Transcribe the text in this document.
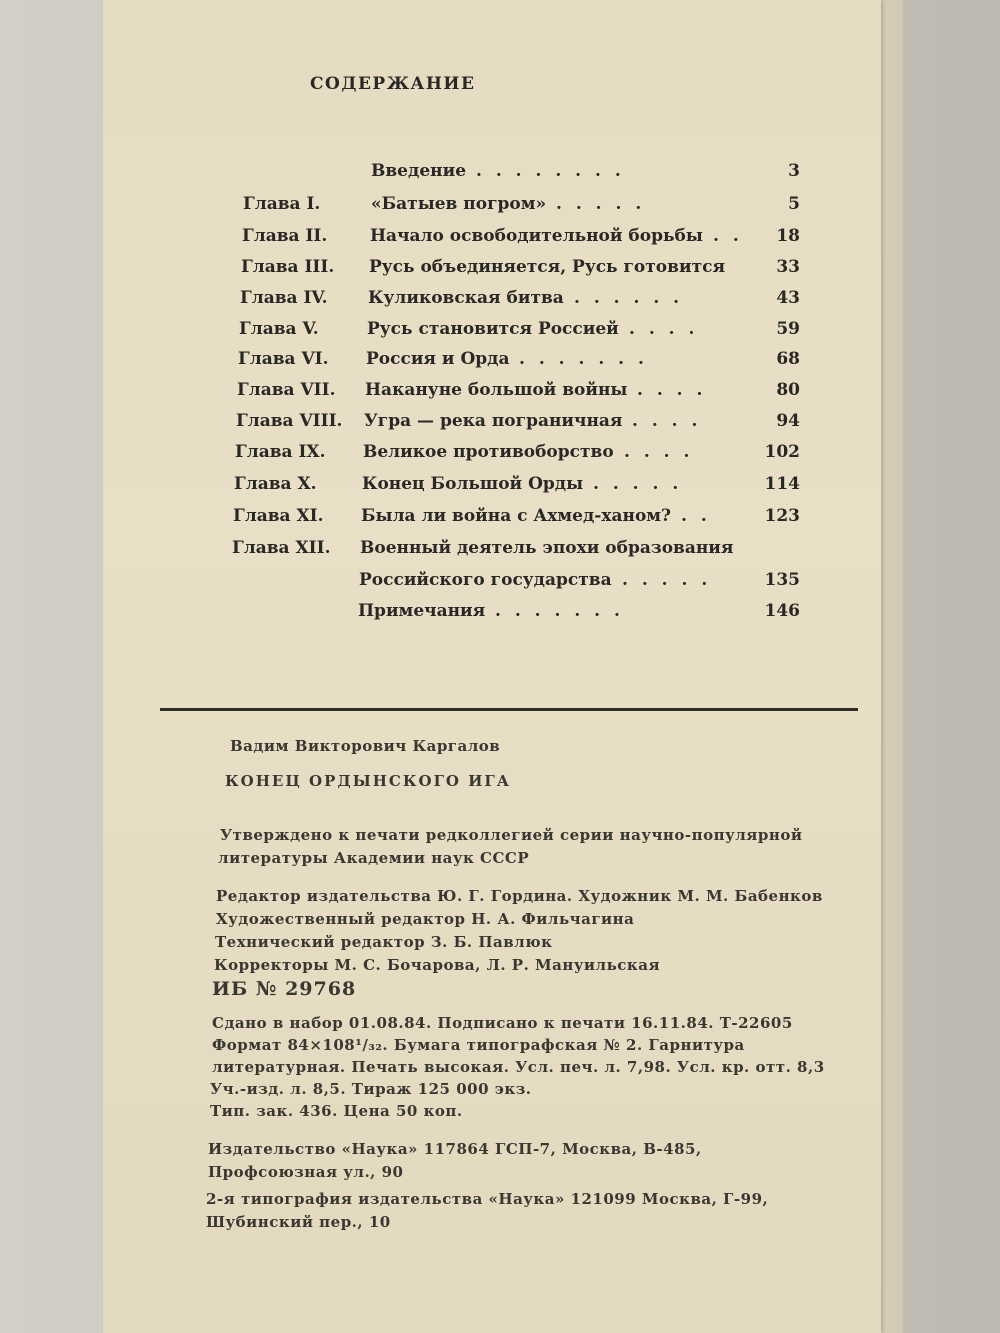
СОДЕРЖАНИЕ
Введение . . . . . . . .	3
Глава I.	«Батыев погром» . . . . .	5
Глава II.	Начало освободительной борьбы . .	18
Глава III. Русь объединяется, Русь готовится	33
Глава IV. Куликовская битва . . . . . .	43
Глава V.	Русь становится Россией . . . .	59
Глава VI. Россия и Орда . . . . . . .	68
Глава VII. Накануне большой войны . . . .	80
Глава VIII. Угра — река пограничная . . . .	94
Глава IX. Великое противоборство . . . .	102
Глава X.	Конец Большой Орды . . . . .	114
Глава XI. Была ли война с Ахмед-ханом? . .	123
Глава XII. Военный деятель эпохи образования
Российского государства . . . . .	135
Примечания . . . . . . .	146
Вадим Викторович Каргалов
КОНЕЦ ОРДЫНСКОГО ИГА
Утверждено к печати редколлегией серии научно-популярной
литературы Академии наук СССР
Редактор издательства Ю. Г. Гордина. Художник М. М. Бабенков
Художественный редактор Н. А. Фильчагина
Технический редактор З. Б. Павлюк
Корректоры М. С. Бочарова, Л. Р. Мануильская
ИБ № 29768
Сдано в набор 01.08.84. Подписано к печати 16.11.84. Т-22605
Формат 84×108¹/₃₂. Бумага типографская № 2. Гарнитура
литературная. Печать высокая. Усл. печ. л. 7,98. Усл. кр. отт. 8,3
Уч.-изд. л. 8,5. Тираж 125 000 экз.
Тип. зак. 436. Цена 50 коп.
Издательство «Наука» 117864 ГСП-7, Москва, В-485,
Профсоюзная ул., 90
2-я типография издательства «Наука» 121099 Москва, Г-99,
Шубинский пер., 10
